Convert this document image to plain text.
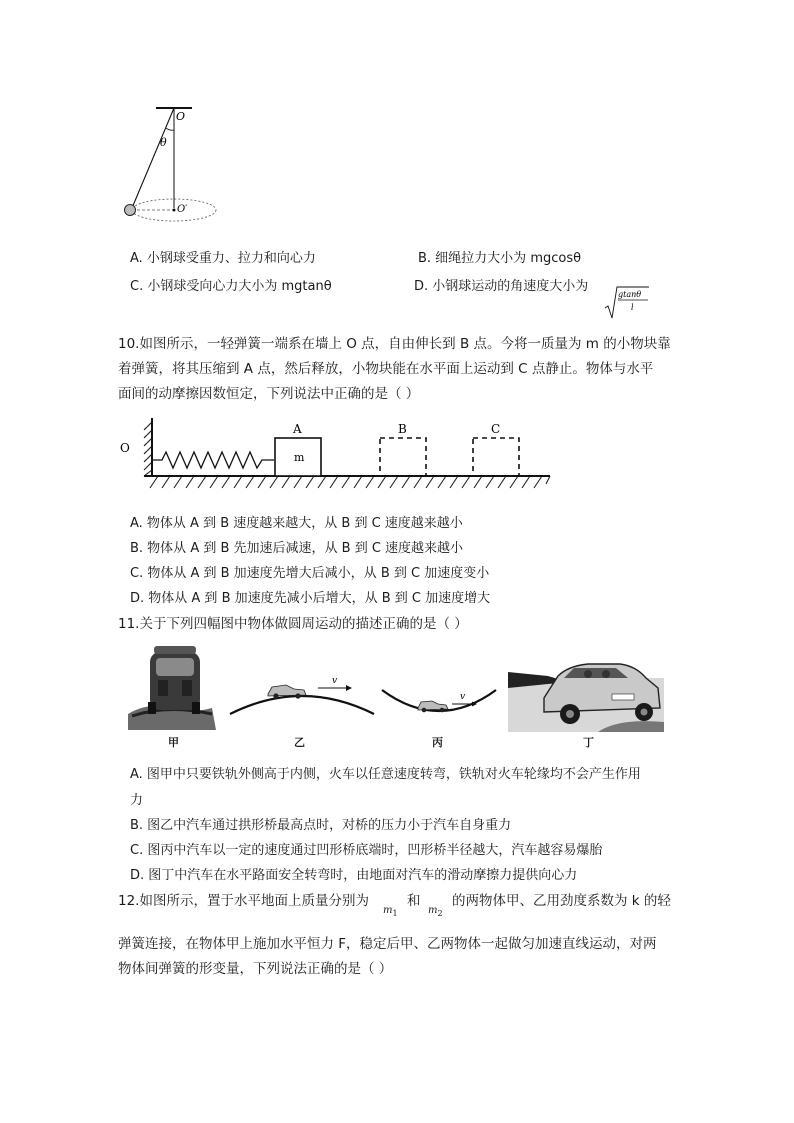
O
θ
O′
A. 小钢球受重力、拉力和向心力	B. 细绳拉力大小为 mgcosθ
C. 小钢球受向心力大小为 mgtanθ	D. 小钢球运动的角速度大小为
gtanθ
l
10.如图所示，一轻弹簧一端系在墙上 O 点，自由伸长到 B 点。今将一质量为 m 的小物块靠
着弹簧，将其压缩到 A 点，然后释放，小物块能在水平面上运动到 C 点静止。物体与水平
面间的动摩擦因数恒定，下列说法中正确的是（ ）
O
m
A	B	C
A. 物体从 A 到 B 速度越来越大，从 B 到 C 速度越来越小
B. 物体从 A 到 B 先加速后减速，从 B 到 C 速度越来越小
C. 物体从 A 到 B 加速度先增大后减小，从 B 到 C 加速度变小
D. 物体从 A 到 B 加速度先减小后增大，从 B 到 C 加速度增大
11.关于下列四幅图中物体做圆周运动的描述正确的是（ ）
甲
v
乙
v
丙	丁
A. 图甲中只要铁轨外侧高于内侧，火车以任意速度转弯，铁轨对火车轮缘均不会产生作用
力
B. 图乙中汽车通过拱形桥最高点时，对桥的压力小于汽车自身重力
C. 图丙中汽车以一定的速度通过凹形桥底端时，凹形桥半径越大，汽车越容易爆胎
D. 图丁中汽车在水平路面安全转弯时，由地面对汽车的滑动摩擦力提供向心力
12.如图所示，置于水平地面上质量分别为
$m_1$
和
$m_2$
的两物体甲、乙用劲度系数为 k 的轻
弹簧连接，在物体甲上施加水平恒力 F，稳定后甲、乙两物体一起做匀加速直线运动，对两
物体间弹簧的形变量，下列说法正确的是（ ）
